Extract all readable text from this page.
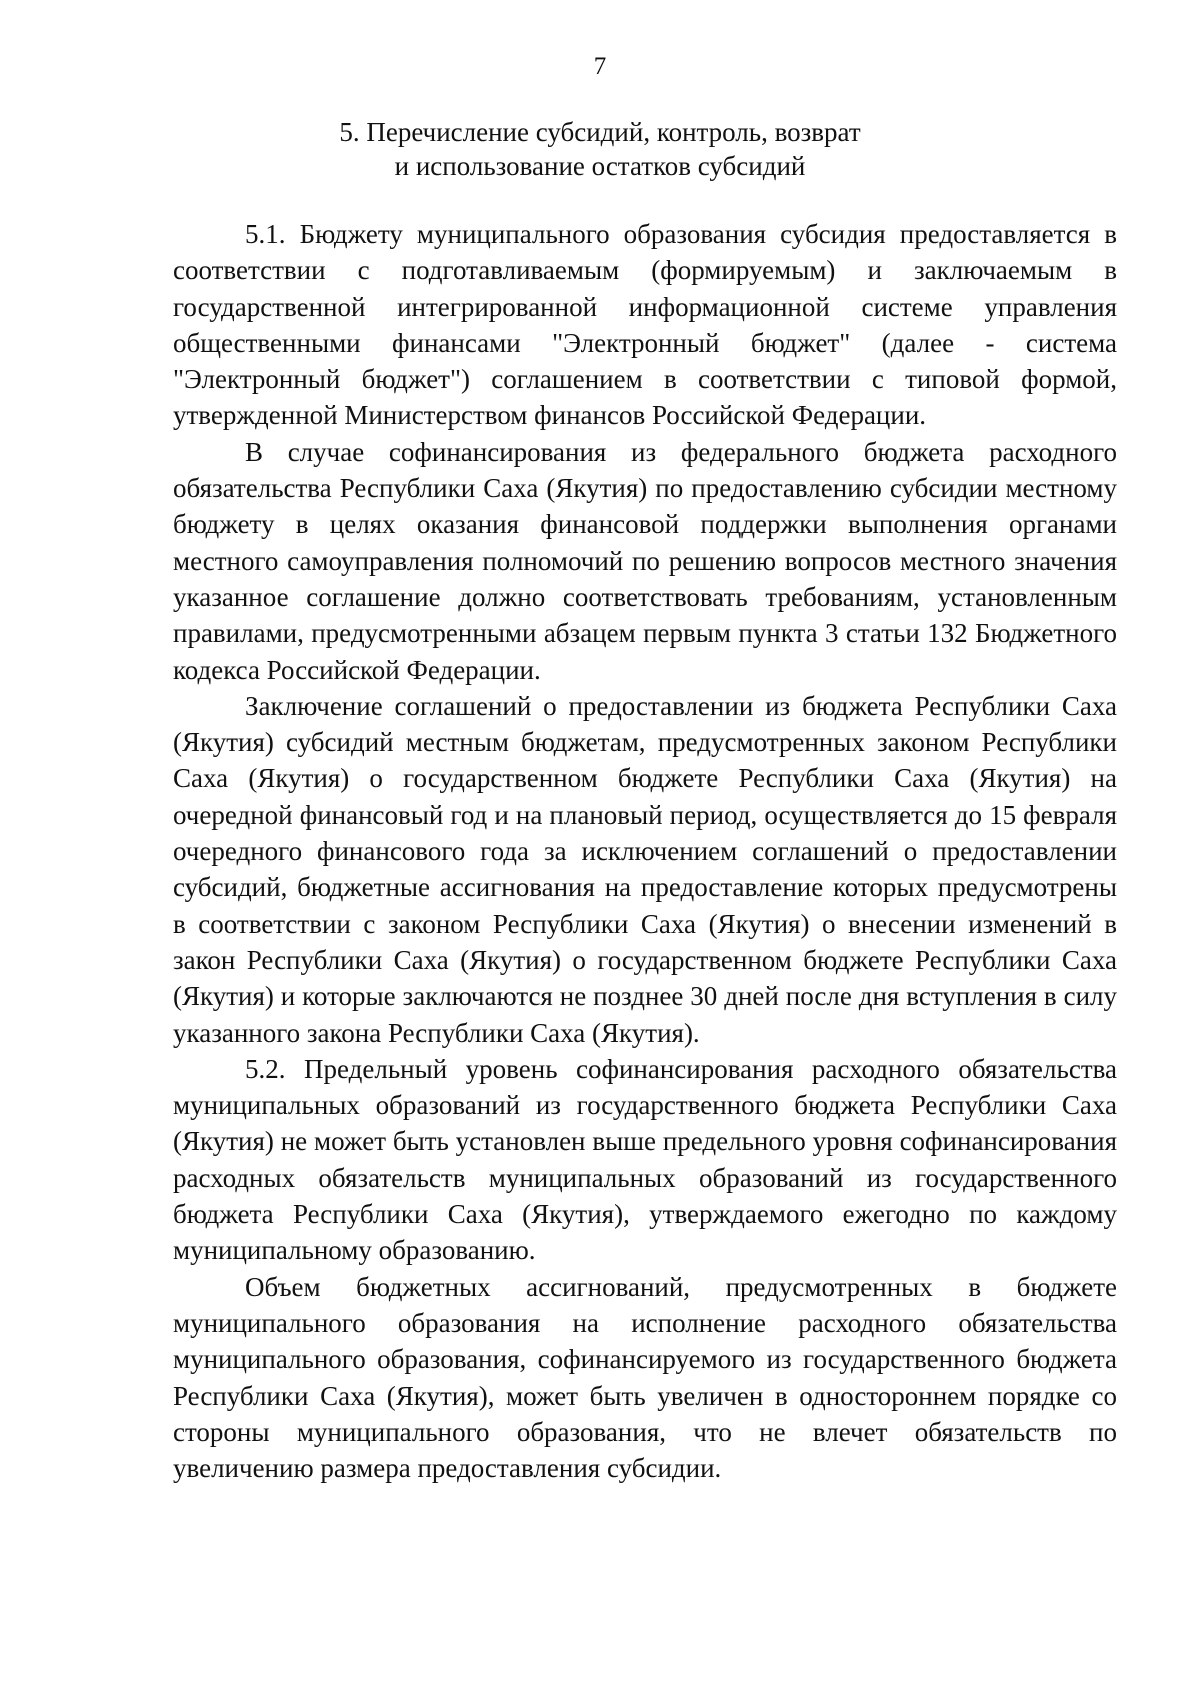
7
5. Перечисление субсидий, контроль, возврат
и использование остатков субсидий

5.1. Бюджету муниципального образования субсидия предоставляется в соответствии с подготавливаемым (формируемым) и заключаемым в государственной интегрированной информационной системе управления общественными финансами "Электронный бюджет" (далее - система "Электронный бюджет") соглашением в соответствии с типовой формой, утвержденной Министерством финансов Российской Федерации.

В случае софинансирования из федерального бюджета расходного обязательства Республики Саха (Якутия) по предоставлению субсидии местному бюджету в целях оказания финансовой поддержки выполнения органами местного самоуправления полномочий по решению вопросов местного значения указанное соглашение должно соответствовать требованиям, установленным правилами, предусмотренными абзацем первым пункта 3 статьи 132 Бюджетного кодекса Российской Федерации.

Заключение соглашений о предоставлении из бюджета Республики Саха (Якутия) субсидий местным бюджетам, предусмотренных законом Республики Саха (Якутия) о государственном бюджете Республики Саха (Якутия) на очередной финансовый год и на плановый период, осуществляется до 15 февраля очередного финансового года за исключением соглашений о предоставлении субсидий, бюджетные ассигнования на предоставление которых предусмотрены в соответствии с законом Республики Саха (Якутия) о внесении изменений в закон Республики Саха (Якутия) о государственном бюджете Республики Саха (Якутия) и которые заключаются не позднее 30 дней после дня вступления в силу указанного закона Республики Саха (Якутия).

5.2. Предельный уровень софинансирования расходного обязательства муниципальных образований из государственного бюджета Республики Саха (Якутия) не может быть установлен выше предельного уровня софинансирования расходных обязательств муниципальных образований из государственного бюджета Республики Саха (Якутия), утверждаемого ежегодно по каждому муниципальному образованию.

Объем бюджетных ассигнований, предусмотренных в бюджете муниципального образования на исполнение расходного обязательства муниципального образования, софинансируемого из государственного бюджета Республики Саха (Якутия), может быть увеличен в одностороннем порядке со стороны муниципального образования, что не влечет обязательств по увеличению размера предоставления субсидии.
